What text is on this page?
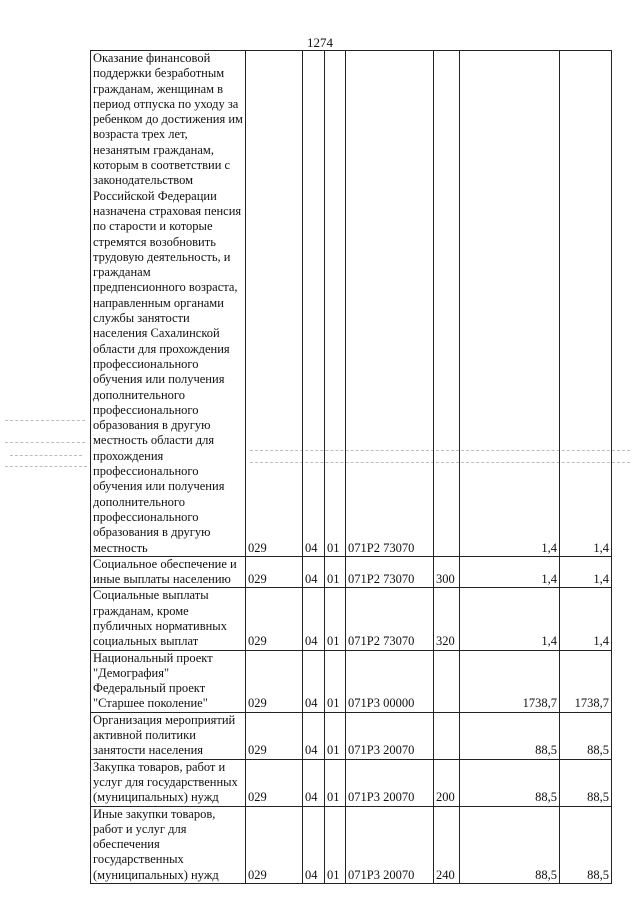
1274
Оказание финансовой поддержки безработным гражданам, женщинам в период отпуска по уходу за ребенком до достижения им возраста трех лет, незанятым гражданам, которым в соответствии с законодательством Российской Федерации назначена страховая пенсия по старости и которые стремятся возобновить трудовую деятельность, и гражданам предпенсионного возраста, направленным органами службы занятости населения Сахалинской области для прохождения профессионального обучения или получения дополнительного профессионального образования в другую местность области для прохождения профессионального обучения или получения дополнительного профессионального образования в другую местность	029	04	01	071P2 73070		1,4	1,4
Социальное обеспечение и иные выплаты населению	029	04	01	071P2 73070	300	1,4	1,4
Социальные выплаты гражданам, кроме публичных нормативных социальных выплат	029	04	01	071P2 73070	320	1,4	1,4
Национальный проект "Демография" Федеральный проект "Старшее поколение"	029	04	01	071P3 00000		1738,7	1738,7
Организация мероприятий активной политики занятости населения	029	04	01	071P3 20070		88,5	88,5
Закупка товаров, работ и услуг для государственных (муниципальных) нужд	029	04	01	071P3 20070	200	88,5	88,5
Иные закупки товаров, работ и услуг для обеспечения государственных (муниципальных) нужд	029	04	01	071P3 20070	240	88,5	88,5
